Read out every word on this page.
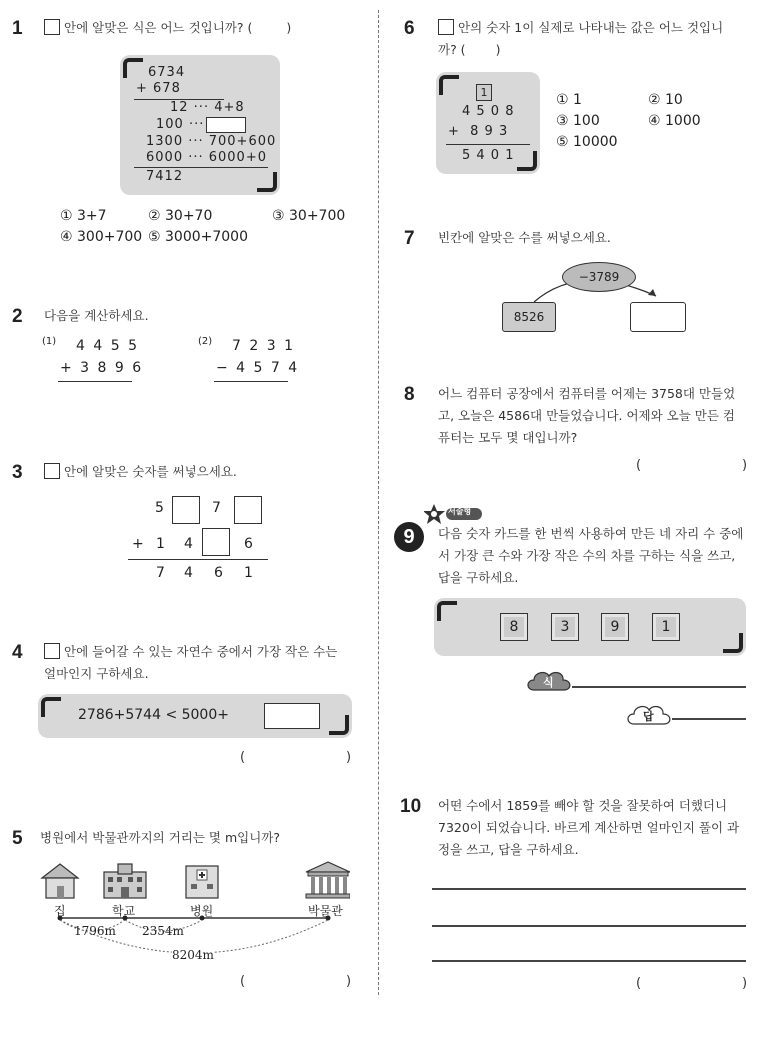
1	안에 알맞은 식은 어느 것입니까? (	)
6734
+ 678
12 ··· 4+8
100 ···
1300 ··· 700+600
6000 ··· 6000+0
7412
① 3+7	② 30+70	③ 30+700
④ 300+700 ⑤ 3000+7000
2 다음을 계산하세요.
(1) 4 4 5 5
+ 3 8 9 6
(2) 7 2 3 1
− 4 5 7 4
3	안에 알맞은 숫자를 써넣으세요.
5	7
+ 1 4	6
7 4 6 1
4	안에 들어갈 수 있는 자연수 중에서 가장 작은 수는
얼마인지 구하세요.
2786+5744 < 5000+
(	)
5 병원에서 박물관까지의 거리는 몇 m입니까?
집	학교	병원	박물관
1796m 2354m
8204m
(	)
6	안의 숫자 1이 실제로 나타내는 값은 어느 것입니
까? ( )
1
4 5 0 8
+  8 9 3
5 4 0 1
① 1	② 10
③ 100	④ 1000
⑤ 10000
7 빈칸에 알맞은 수를 써넣으세요.
−3789
8526
8 어느 컴퓨터 공장에서 컴퓨터를 어제는 3758대 만들었
고, 오늘은 4586대 만들었습니다. 어제와 오늘 만든 컴
퓨터는 모두 몇 대입니까?
(	)
9
서술형
다음 숫자 카드를 한 번씩 사용하여 만든 네 자리 수 중에
서 가장 큰 수와 가장 작은 수의 차를 구하는 식을 쓰고,
답을 구하세요.
8	3	9	1
식
답
10 어떤 수에서 1859를 빼야 할 것을 잘못하여 더했더니
7320이 되었습니다. 바르게 계산하면 얼마인지 풀이 과
정을 쓰고, 답을 구하세요.
(	)
